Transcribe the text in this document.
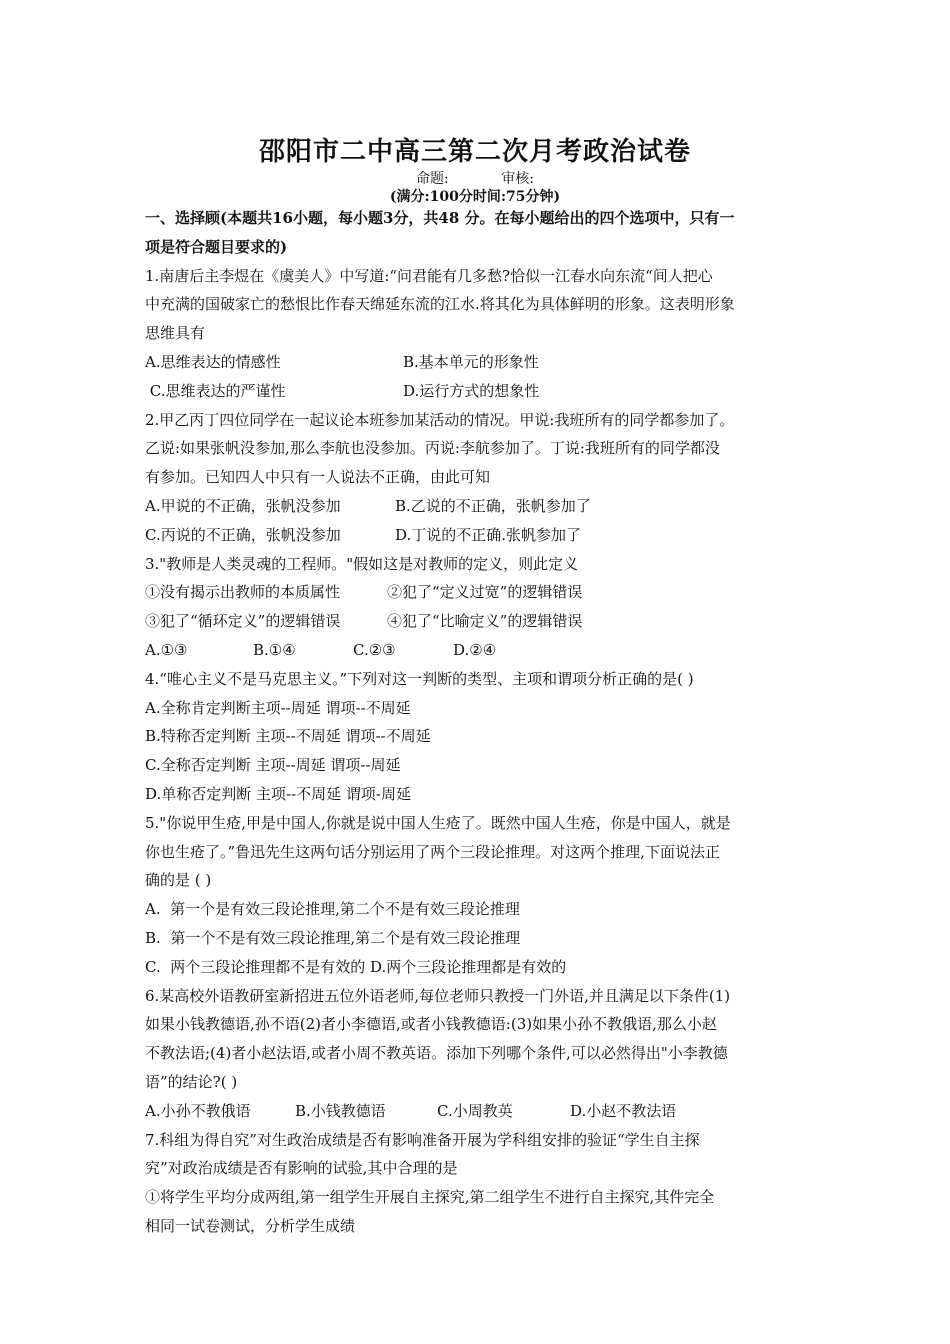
邵阳市二中高三第二次月考政治试卷
命题:	审核:
(满分:100分时间:75分钟)
一、选择顾(本题共16小题，每小题3分，共48 分。在每小题给出的四个选项中，只有一
项是符合题目要求的)
1.南唐后主李煜在《虞美人》中写道:“问君能有几多愁?恰似一江春水向东流“间人把心
中充满的国破家亡的愁恨比作春天绵延东流的江水.将其化为具体鲜明的形象。这表明形象
思维具有
A.思维表达的情感性	B.基本单元的形象性
C.思维表达的严谨性	D.运行方式的想象性
2.甲乙丙丁四位同学在一起议论本班参加某活动的情况。甲说:我班所有的同学都参加了。
乙说:如果张帆没参加,那么李航也没参加。丙说:李航参加了。丁说:我班所有的同学都没
有参加。已知四人中只有一人说法不正确，由此可知
A.甲说的不正确，张帆没参加	B.乙说的不正确，张帆参加了
C.丙说的不正确，张帆没参加	D.丁说的不正确.张帆参加了
3."教师是人类灵魂的工程师。"假如这是对教师的定义，则此定义
①没有揭示出教师的本质属性	②犯了“定义过宽”的逻辑错误
③犯了“循环定义”的逻辑错误	④犯了“比喻定义”的逻辑错误
A.①③	B.①④	C.②③	D.②④
4.“唯心主义不是马克思主义。”下列对这一判断的类型、主项和谓项分析正确的是( )
A.全称肯定判断主项--周延 谓项--不周延
B.特称否定判断 主项--不周延 谓项--不周延
C.全称否定判断 主项--周延 谓项--周延
D.单称否定判断 主项--不周延 谓项-周延
5."你说甲生疮,甲是中国人,你就是说中国人生疮了。既然中国人生疮，你是中国人，就是
你也生疮了。”鲁迅先生这两句话分别运用了两个三段论推理。对这两个推理,下面说法正
确的是 ( )
A.  第一个是有效三段论推理,第二个不是有效三段论推理
B.  第一个不是有效三段论推理,第二个是有效三段论推理
C.  两个三段论推理都不是有效的 D.两个三段论推理都是有效的
6.某高校外语教研室新招进五位外语老师,每位老师只教授一门外语,并且满足以下条件(1)
如果小钱教德语,孙不语(2)者小李德语,或者小钱教德语:(3)如果小孙不教俄语,那么小赵
不教法语;(4)者小赵法语,或者小周不教英语。添加下列哪个条件,可以必然得出"小李教德
语”的结论?( )
A.小孙不教俄语	B.小钱教德语	C.小周教英	D.小赵不教法语
7.科组为得自究”对生政治成绩是否有影响准备开展为学科组安排的验证“学生自主探
究”对政治成绩是否有影响的试验,其中合理的是
①将学生平均分成两组,第一组学生开展自主探究,第二组学生不进行自主探究,其件完全
相同一试卷测试，分析学生成绩
